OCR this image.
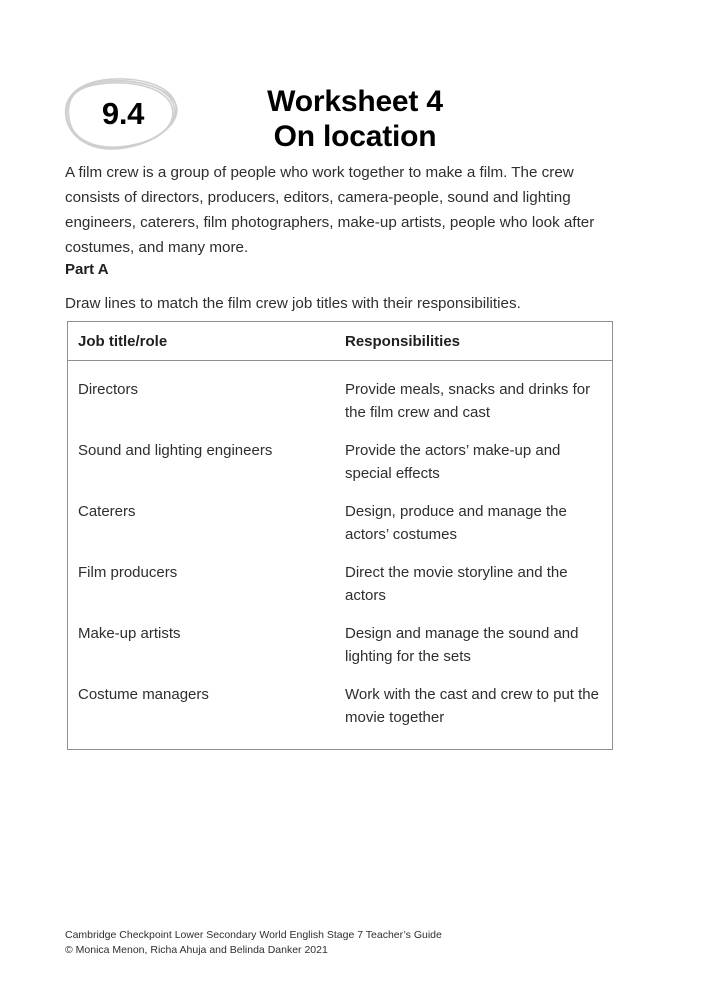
9.4	Worksheet 4
On location
A film crew is a group of people who work together to make a film. The crew consists of directors, producers, editors, camera-people, sound and lighting engineers, caterers, film photographers, make-up artists, people who look after costumes, and many more.
Part A
Draw lines to match the film crew job titles with their responsibilities.
Job title/role	Responsibilities
Directors	Provide meals, snacks and drinks for the film crew and cast
Sound and lighting engineers	Provide the actors’ make-up and special effects
Caterers	Design, produce and manage the actors’ costumes
Film producers	Direct the movie storyline and the actors
Make-up artists	Design and manage the sound and lighting for the sets
Costume managers	Work with the cast and crew to put the movie together
Cambridge Checkpoint Lower Secondary World English Stage 7 Teacher’s Guide
© Monica Menon, Richa Ahuja and Belinda Danker 2021
